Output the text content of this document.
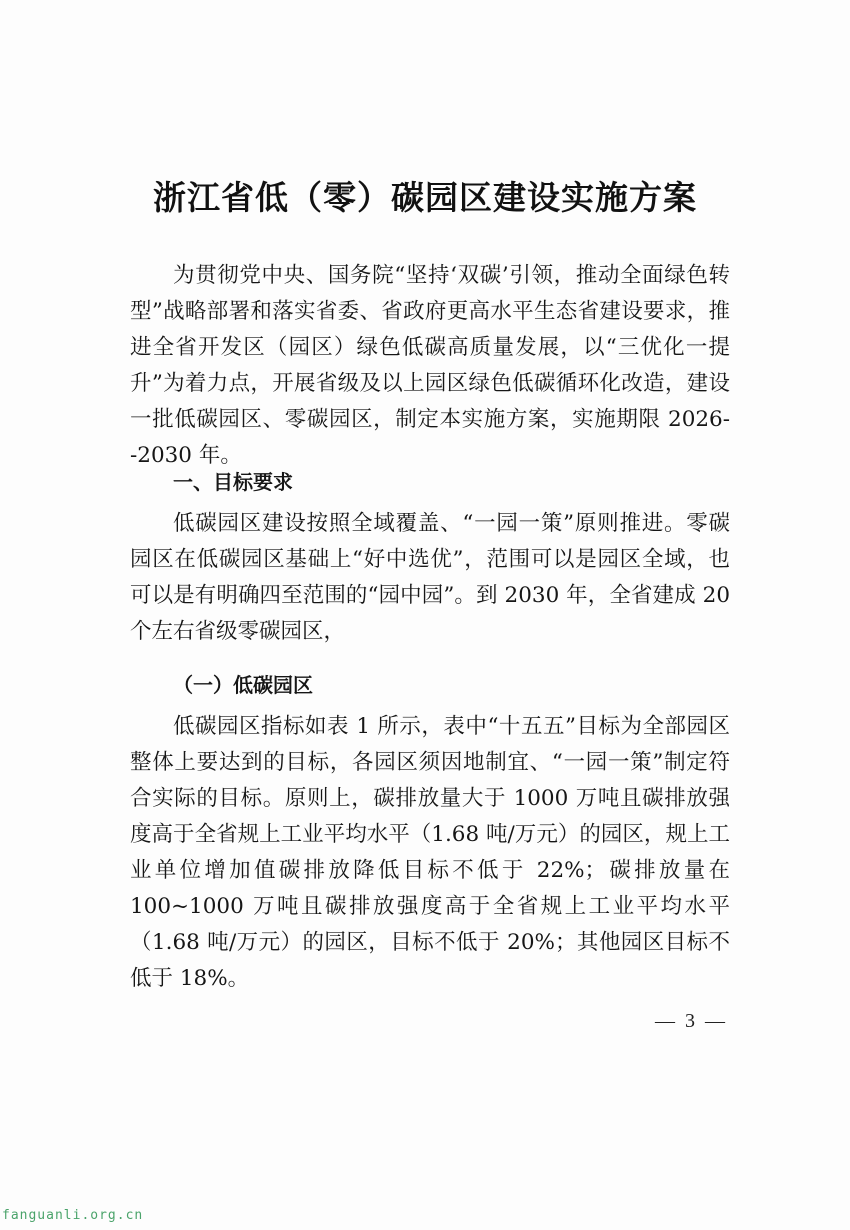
浙江省低（零）碳园区建设实施方案

为贯彻党中央、国务院“坚持‘双碳’引领，推动全面绿色转型”战略部署和落实省委、省政府更高水平生态省建设要求，推进全省开发区（园区）绿色低碳高质量发展，以“三优化一提升”为着力点，开展省级及以上园区绿色低碳循环化改造，建设一批低碳园区、零碳园区，制定本实施方案，实施期限 2026--2030 年。

一、目标要求

低碳园区建设按照全域覆盖、“一园一策”原则推进。零碳园区在低碳园区基础上“好中选优”，范围可以是园区全域，也可以是有明确四至范围的“园中园”。到 2030 年，全省建成 20 个左右省级零碳园区，

（一）低碳园区

低碳园区指标如表 1 所示，表中“十五五”目标为全部园区整体上要达到的目标，各园区须因地制宜、“一园一策”制定符合实际的目标。原则上，碳排放量大于 1000 万吨且碳排放强度高于全省规上工业平均水平（1.68 吨/万元）的园区，规上工业单位增加值碳排放降低目标不低于 22%；碳排放量在 100~1000 万吨且碳排放强度高于全省规上工业平均水平（1.68 吨/万元）的园区，目标不低于 20%；其他园区目标不低于 18%。

—  3  —
fanguanli.org.cn
